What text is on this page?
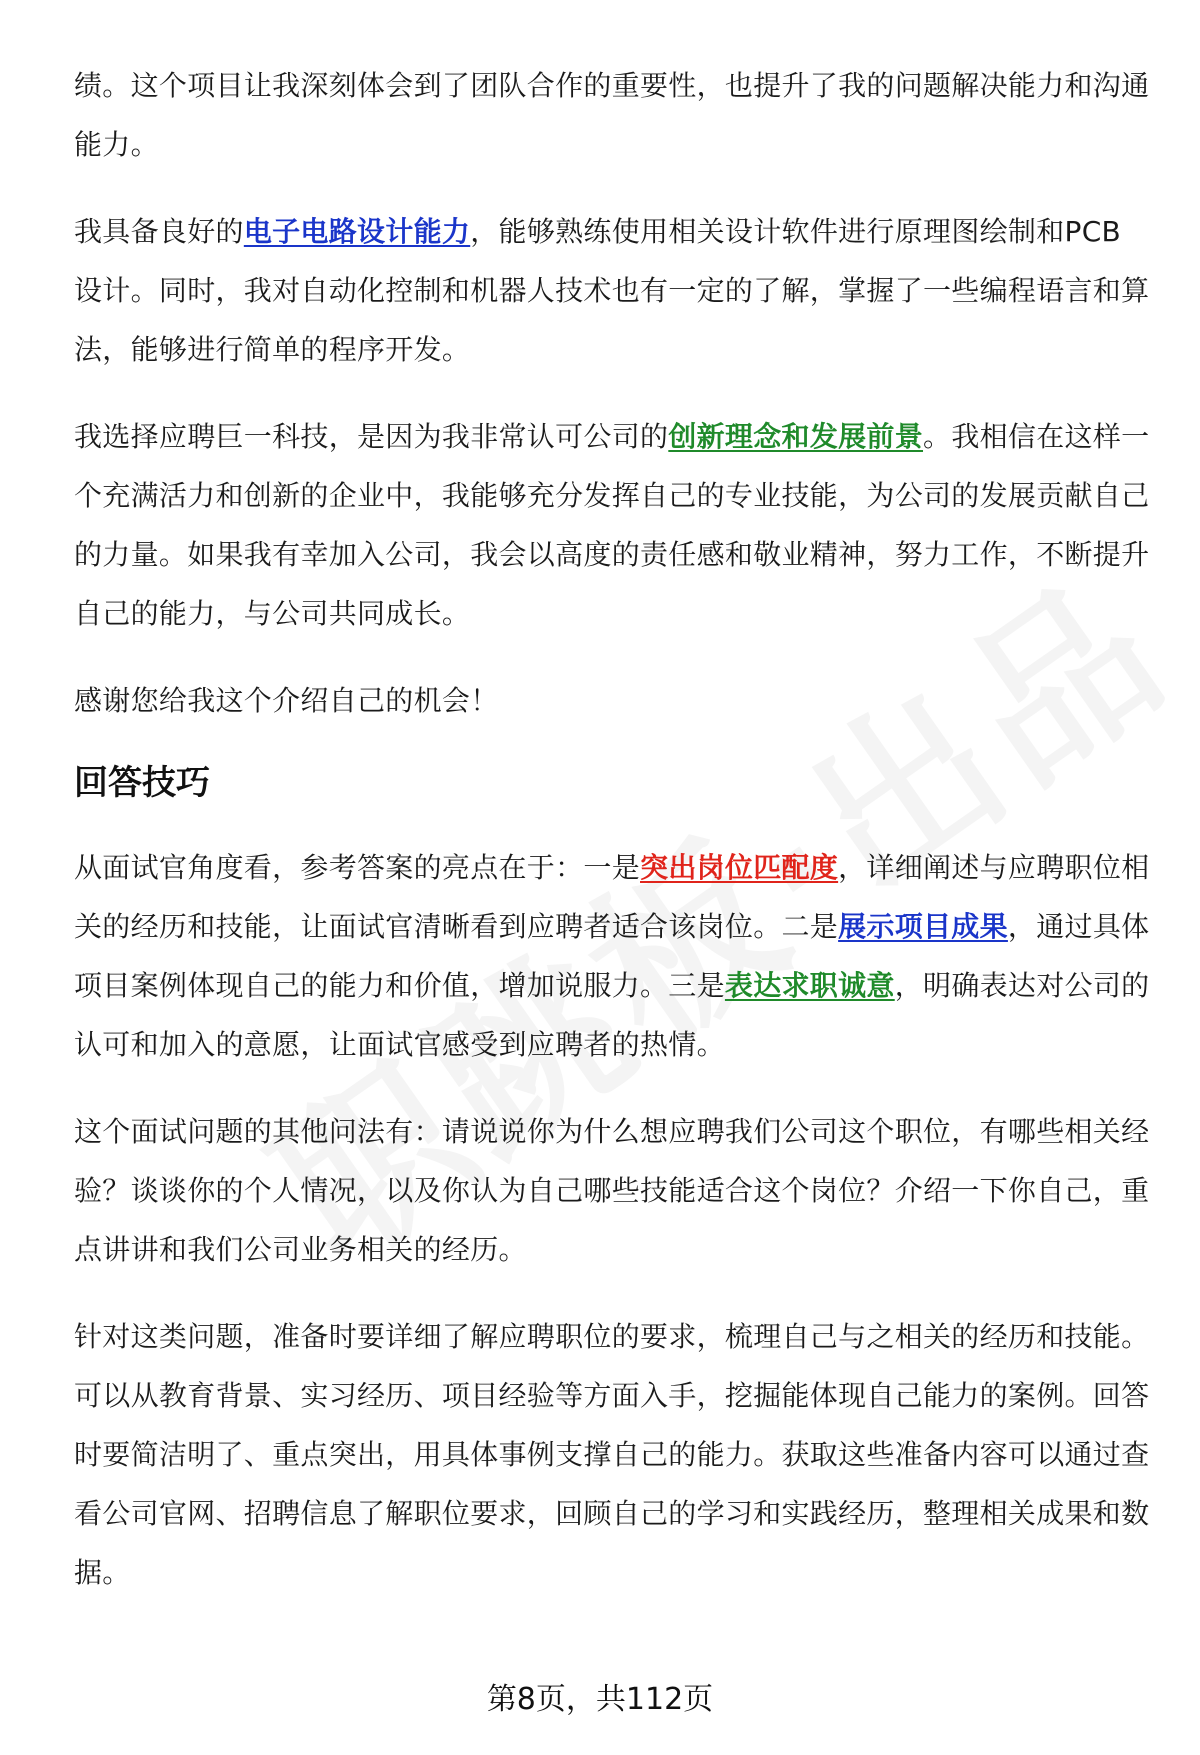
绩。这个项目让我深刻体会到了团队合作的重要性，也提升了我的问题解决能力和沟通能力。

我具备良好的电子电路设计能力，能够熟练使用相关设计软件进行原理图绘制和PCB 设计。同时，我对自动化控制和机器人技术也有一定的了解，掌握了一些编程语言和算法，能够进行简单的程序开发。

我选择应聘巨一科技，是因为我非常认可公司的创新理念和发展前景。我相信在这样一个充满活力和创新的企业中，我能够充分发挥自己的专业技能，为公司的发展贡献自己的力量。如果我有幸加入公司，我会以高度的责任感和敬业精神，努力工作，不断提升自己的能力，与公司共同成长。

感谢您给我这个介绍自己的机会！

回答技巧

从面试官角度看，参考答案的亮点在于：一是突出岗位匹配度，详细阐述与应聘职位相关的经历和技能，让面试官清晰看到应聘者适合该岗位。二是展示项目成果，通过具体项目案例体现自己的能力和价值，增加说服力。三是表达求职诚意，明确表达对公司的认可和加入的意愿，让面试官感受到应聘者的热情。

这个面试问题的其他问法有：请说说你为什么想应聘我们公司这个职位，有哪些相关经验？谈谈你的个人情况，以及你认为自己哪些技能适合这个岗位？介绍一下你自己，重点讲讲和我们公司业务相关的经历。

针对这类问题，准备时要详细了解应聘职位的要求，梳理自己与之相关的经历和技能。可以从教育背景、实习经历、项目经验等方面入手，挖掘能体现自己能力的案例。回答时要简洁明了、重点突出，用具体事例支撑自己的能力。获取这些准备内容可以通过查看公司官网、招聘信息了解职位要求，回顾自己的学习和实践经历，整理相关成果和数据。

第8页，共112页
